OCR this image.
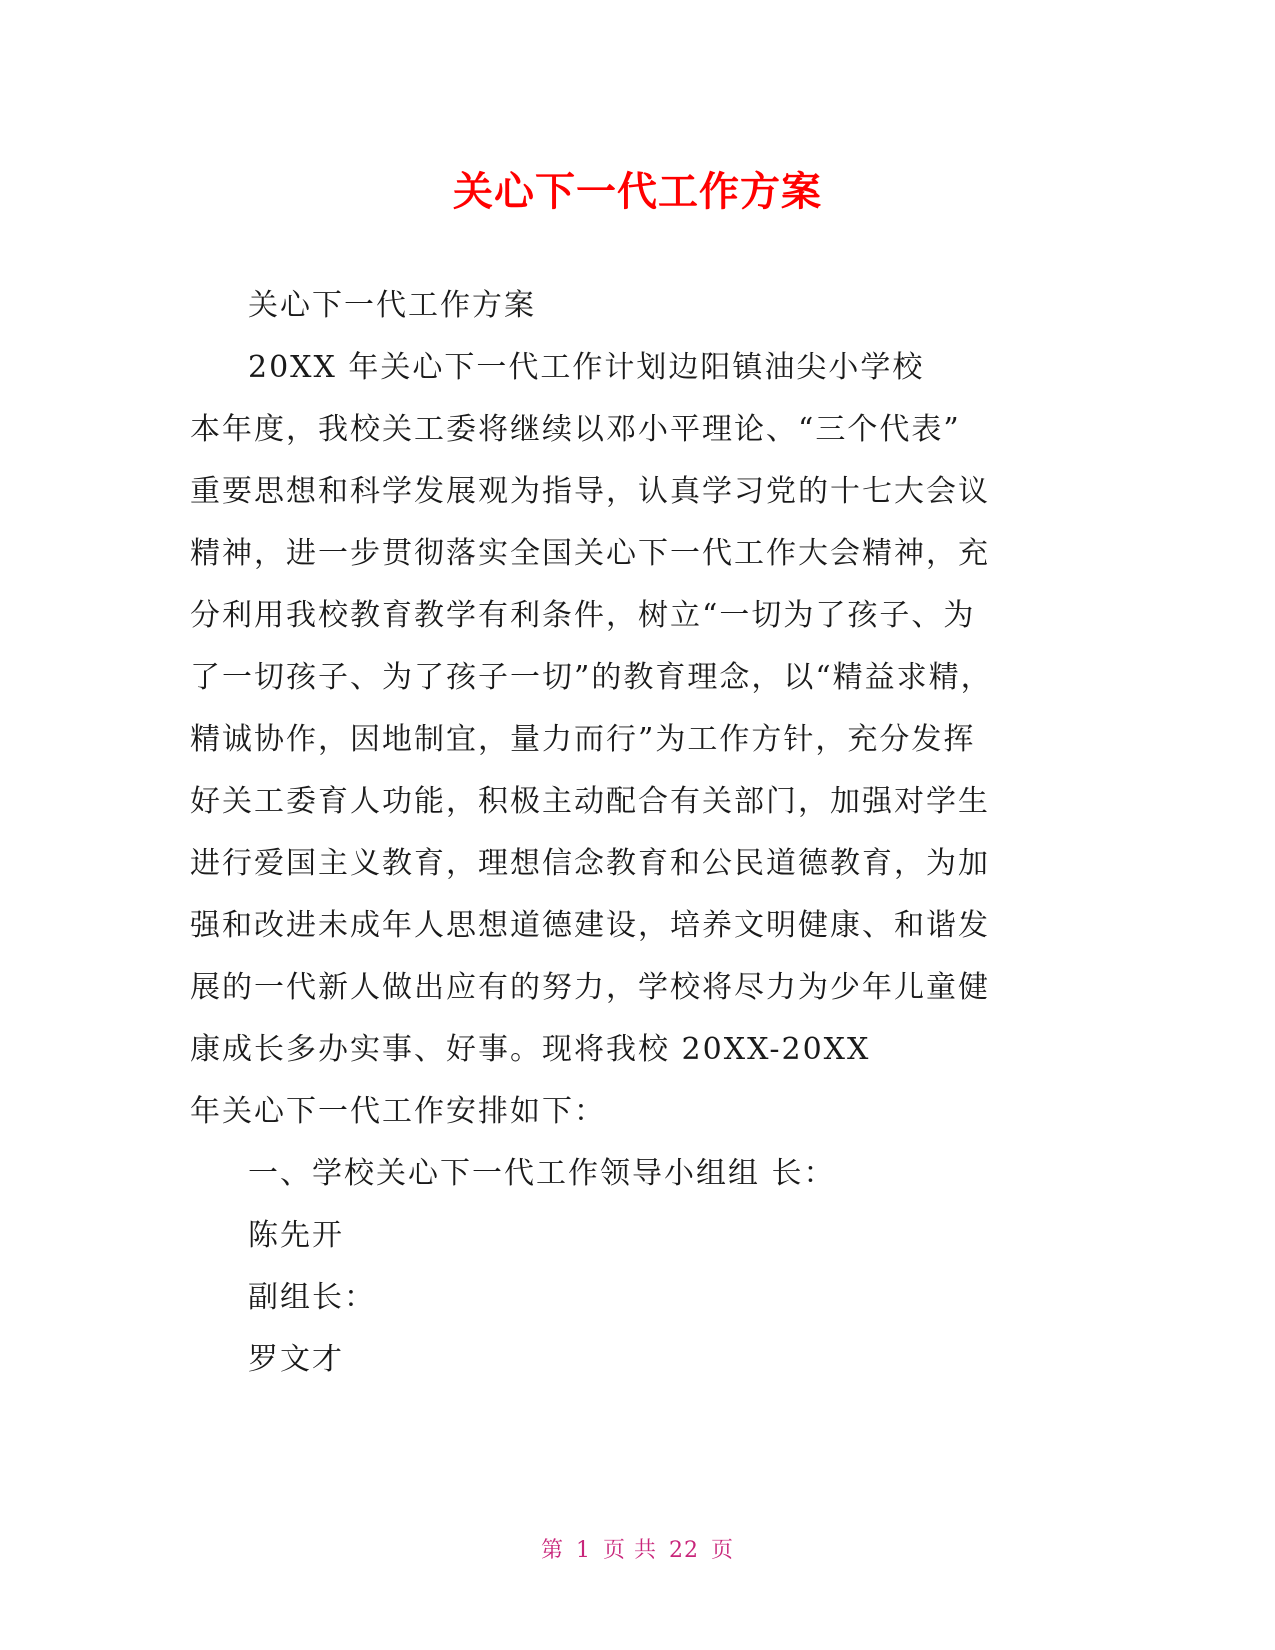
关心下一代工作方案

关心下一代工作方案

20XX 年关心下一代工作计划边阳镇油尖小学校

本年度，我校关工委将继续以邓小平理论、“三个代表”

重要思想和科学发展观为指导，认真学习党的十七大会议

精神，进一步贯彻落实全国关心下一代工作大会精神，充

分利用我校教育教学有利条件，树立“一切为了孩子、为

了一切孩子、为了孩子一切”的教育理念，以“精益求精，

精诚协作，因地制宜，量力而行”为工作方针，充分发挥

好关工委育人功能，积极主动配合有关部门，加强对学生

进行爱国主义教育，理想信念教育和公民道德教育，为加

强和改进未成年人思想道德建设，培养文明健康、和谐发

展的一代新人做出应有的努力，学校将尽力为少年儿童健

康成长多办实事、好事。现将我校 20XX-20XX

年关心下一代工作安排如下：

一、学校关心下一代工作领导小组组 长：

陈先开

副组长：

罗文才

第 1 页 共 22 页
